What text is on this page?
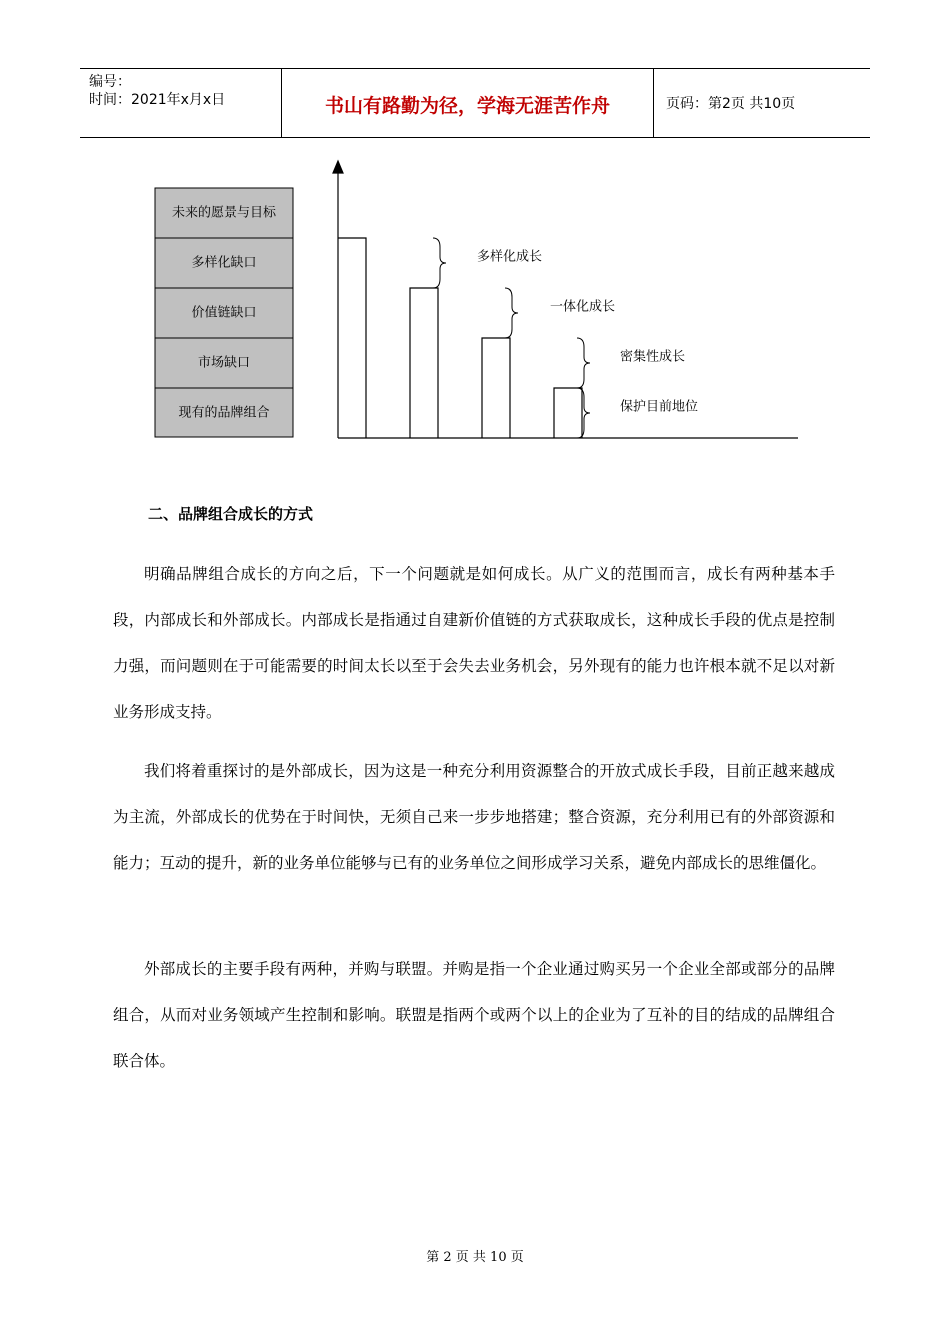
编号：
时间：2021年x月x日	书山有路勤为径，学海无涯苦作舟	页码：第2页 共10页
未来的愿景与目标
多样化缺口
价值链缺口
市场缺口
现有的品牌组合
多样化成长
一体化成长
密集性成长
保护目前地位
二、品牌组合成长的方式

明确品牌组合成长的方向之后，下一个问题就是如何成长。从广义的范围而言，成长有两种基本手段，内部成长和外部成长。内部成长是指通过自建新价值链的方式获取成长，这种成长手段的优点是控制力强，而问题则在于可能需要的时间太长以至于会失去业务机会，另外现有的能力也许根本就不足以对新业务形成支持。

我们将着重探讨的是外部成长，因为这是一种充分利用资源整合的开放式成长手段，目前正越来越成为主流，外部成长的优势在于时间快，无须自己来一步步地搭建；整合资源，充分利用已有的外部资源和能力；互动的提升，新的业务单位能够与已有的业务单位之间形成学习关系，避免内部成长的思维僵化。

外部成长的主要手段有两种，并购与联盟。并购是指一个企业通过购买另一个企业全部或部分的品牌组合，从而对业务领域产生控制和影响。联盟是指两个或两个以上的企业为了互补的目的结成的品牌组合联合体。

第 2 页 共 10 页
